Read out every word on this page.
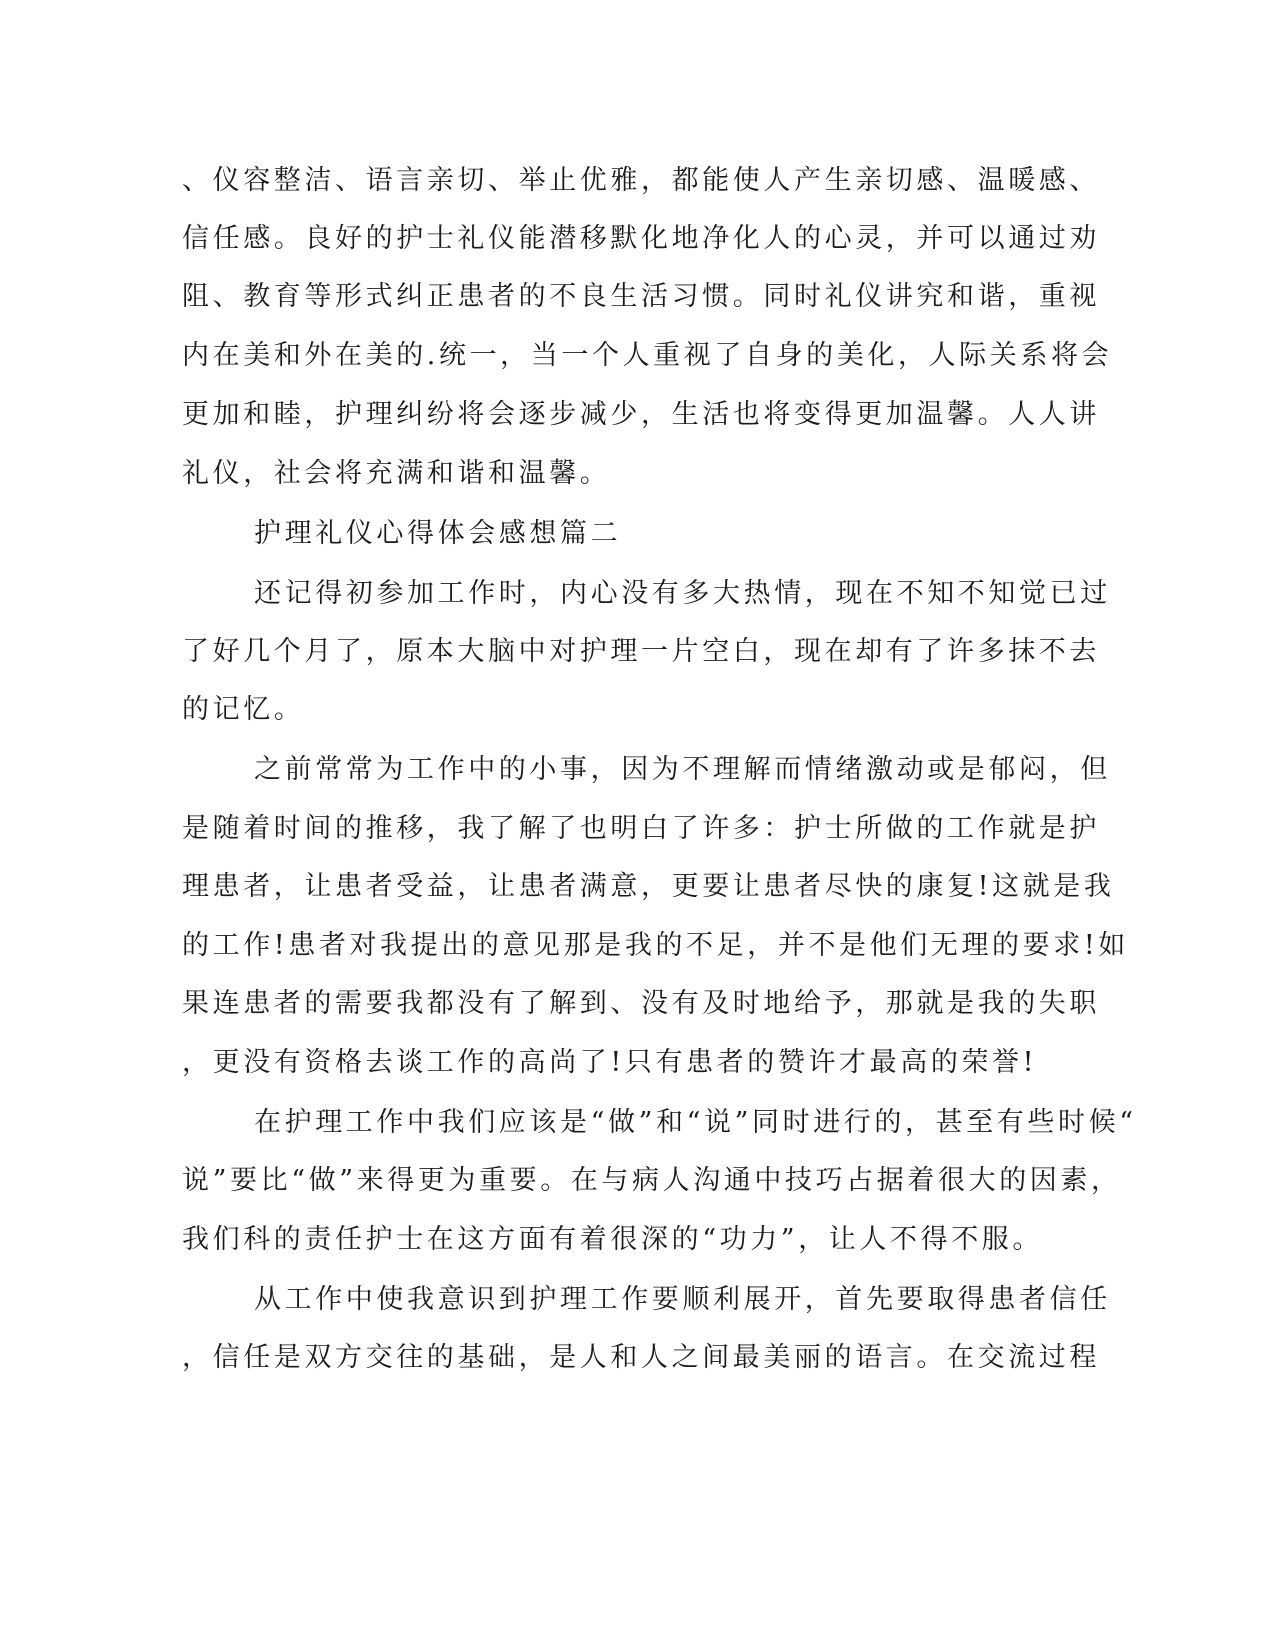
、仪容整洁、语言亲切、举止优雅，都能使人产生亲切感、温暖感、
信任感。良好的护士礼仪能潜移默化地净化人的心灵，并可以通过劝
阻、教育等形式纠正患者的不良生活习惯。同时礼仪讲究和谐，重视
内在美和外在美的.统一，当一个人重视了自身的美化，人际关系将会
更加和睦，护理纠纷将会逐步减少，生活也将变得更加温馨。人人讲
礼仪，社会将充满和谐和温馨。
护理礼仪心得体会感想篇二
还记得初参加工作时，内心没有多大热情，现在不知不知觉已过
了好几个月了，原本大脑中对护理一片空白，现在却有了许多抹不去
的记忆。
之前常常为工作中的小事，因为不理解而情绪激动或是郁闷，但
是随着时间的推移，我了解了也明白了许多：护士所做的工作就是护
理患者，让患者受益，让患者满意，更要让患者尽快的康复!这就是我
的工作!患者对我提出的意见那是我的不足，并不是他们无理的要求!如
果连患者的需要我都没有了解到、没有及时地给予，那就是我的失职
，更没有资格去谈工作的高尚了!只有患者的赞许才最高的荣誉!
在护理工作中我们应该是“做”和“说”同时进行的，甚至有些时候“
说”要比“做”来得更为重要。在与病人沟通中技巧占据着很大的因素，
我们科的责任护士在这方面有着很深的“功力”，让人不得不服。
从工作中使我意识到护理工作要顺利展开，首先要取得患者信任
，信任是双方交往的基础，是人和人之间最美丽的语言。在交流过程
